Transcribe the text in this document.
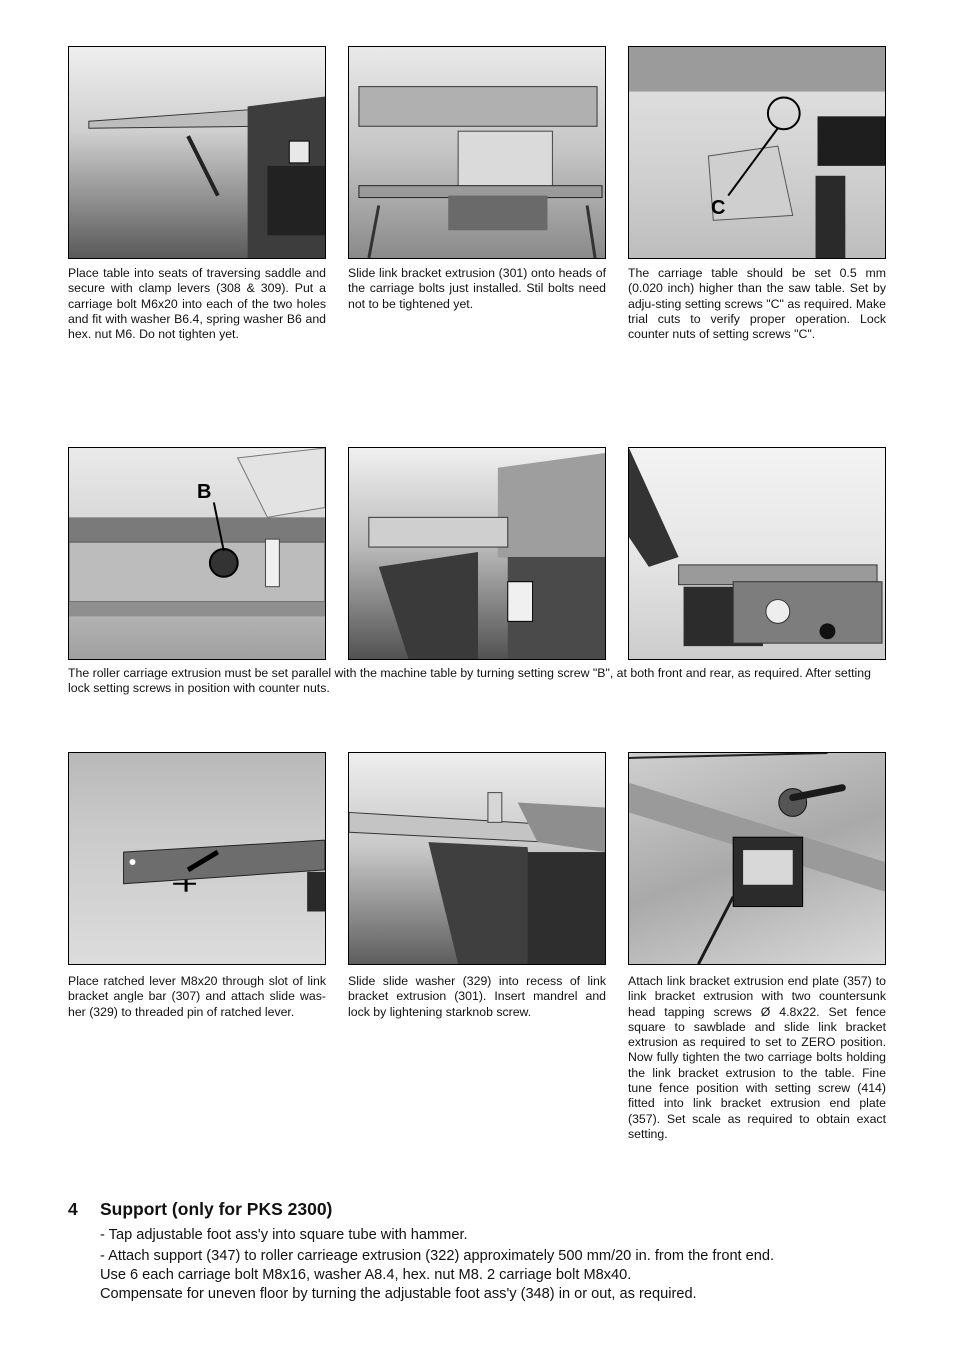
C

Place table into seats of traversing saddle and secure with clamp levers (308 & 309). Put a carriage bolt M6x20 into each of the two holes and fit with washer B6.4, spring washer B6 and hex. nut M6. Do not tighten yet.

Slide link bracket extrusion (301) onto heads of the carriage bolts just installed. Stil bolts need not to be tightened yet.

The carriage table should be set 0.5 mm (0.020 inch) higher than the saw table. Set by adju-sting setting screws "C" as required. Make trial cuts to verify proper operation. Lock counter nuts of setting screws "C".

B

The roller carriage extrusion must be set parallel with the machine table by turning setting screw "B", at both front and rear, as required. After setting lock setting screws in position with counter nuts.

Place ratched lever M8x20 through slot of link bracket angle bar (307) and attach slide was-her (329) to threaded pin of ratched lever.

Slide slide washer (329) into recess of link bracket extrusion (301). Insert mandrel and lock by lightening starknob screw.

Attach link bracket extrusion end plate (357) to link bracket extrusion with two countersunk head tapping screws Ø 4.8x22. Set fence square to sawblade and slide link bracket extrusion as required to set to ZERO position. Now fully tighten the two carriage bolts holding the link bracket extrusion to the table. Fine tune fence position with setting screw (414) fitted into link bracket extrusion end plate (357). Set scale as required to obtain exact setting.

4 Support (only for PKS 2300)

- Tap adjustable foot ass'y into square tube with hammer.

- Attach support (347) to roller carrieage extrusion (322) approximately 500 mm/20 in. from the front end.

Use 6 each carriage bolt M8x16, washer A8.4, hex. nut M8. 2 carriage bolt M8x40.

Compensate for uneven floor by turning the adjustable foot ass'y (348) in or out, as required.
